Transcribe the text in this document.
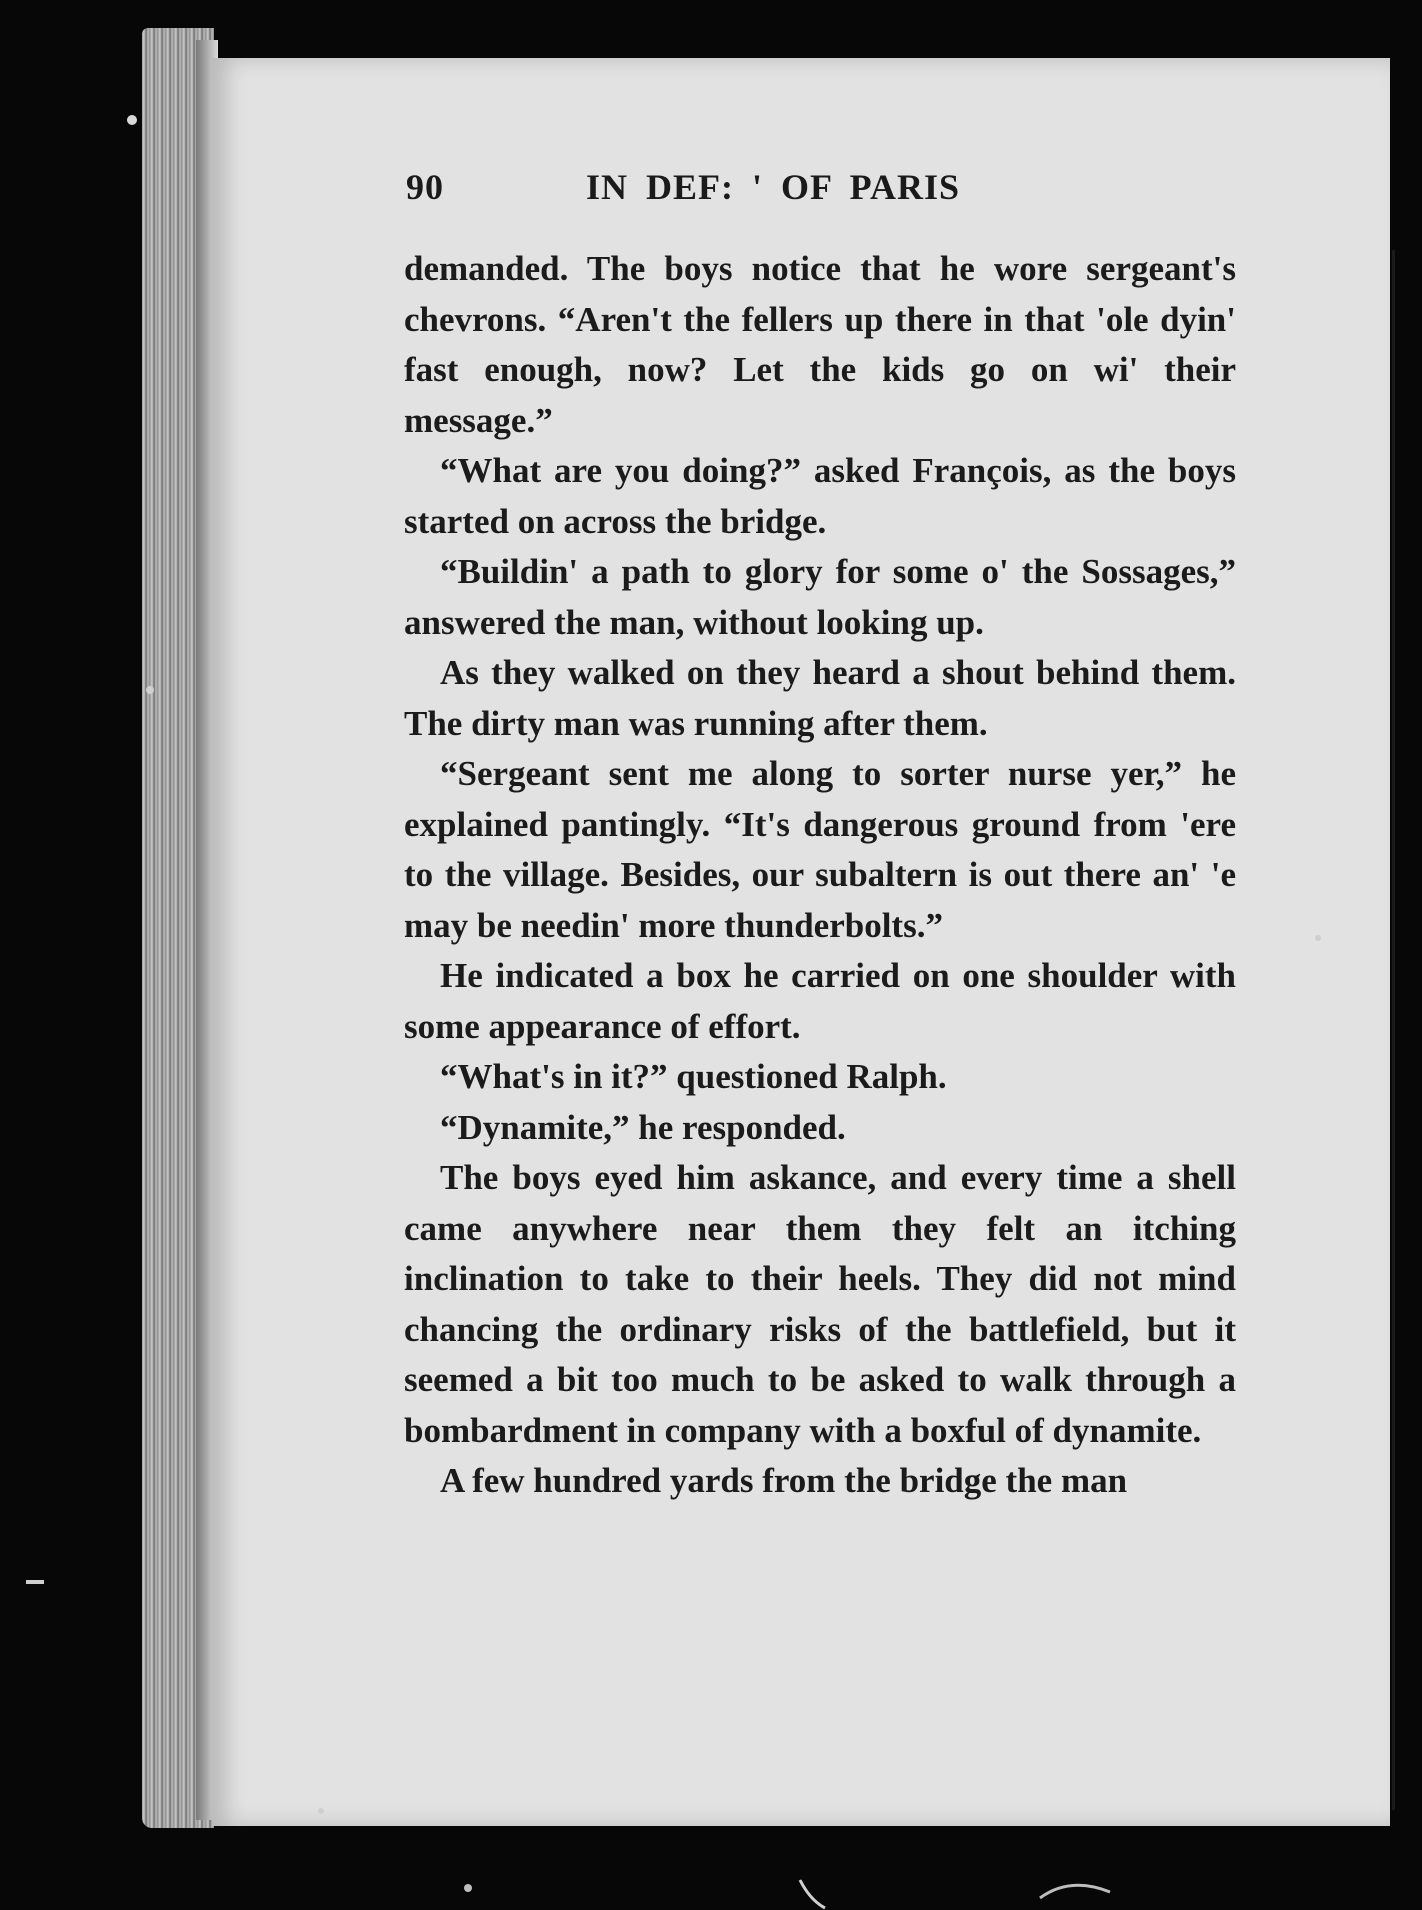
90	IN DEF: ' OF PARIS

demanded. The boys notice that he wore sergeant's chevrons. “Aren't the fellers up there in that 'ole dyin' fast enough, now? Let the kids go on wi' their message.”

“What are you doing?” asked François, as the boys started on across the bridge.

“Buildin' a path to glory for some o' the Sossages,” answered the man, without looking up.

As they walked on they heard a shout behind them. The dirty man was running after them.

“Sergeant sent me along to sorter nurse yer,” he explained pantingly. “It's dangerous ground from 'ere to the village. Besides, our subaltern is out there an' 'e may be needin' more thunderbolts.”

He indicated a box he carried on one shoulder with some appearance of effort.

“What's in it?” questioned Ralph.

“Dynamite,” he responded.

The boys eyed him askance, and every time a shell came anywhere near them they felt an itching inclination to take to their heels. They did not mind chancing the ordinary risks of the battlefield, but it seemed a bit too much to be asked to walk through a bombardment in company with a boxful of dynamite.

A few hundred yards from the bridge the man
